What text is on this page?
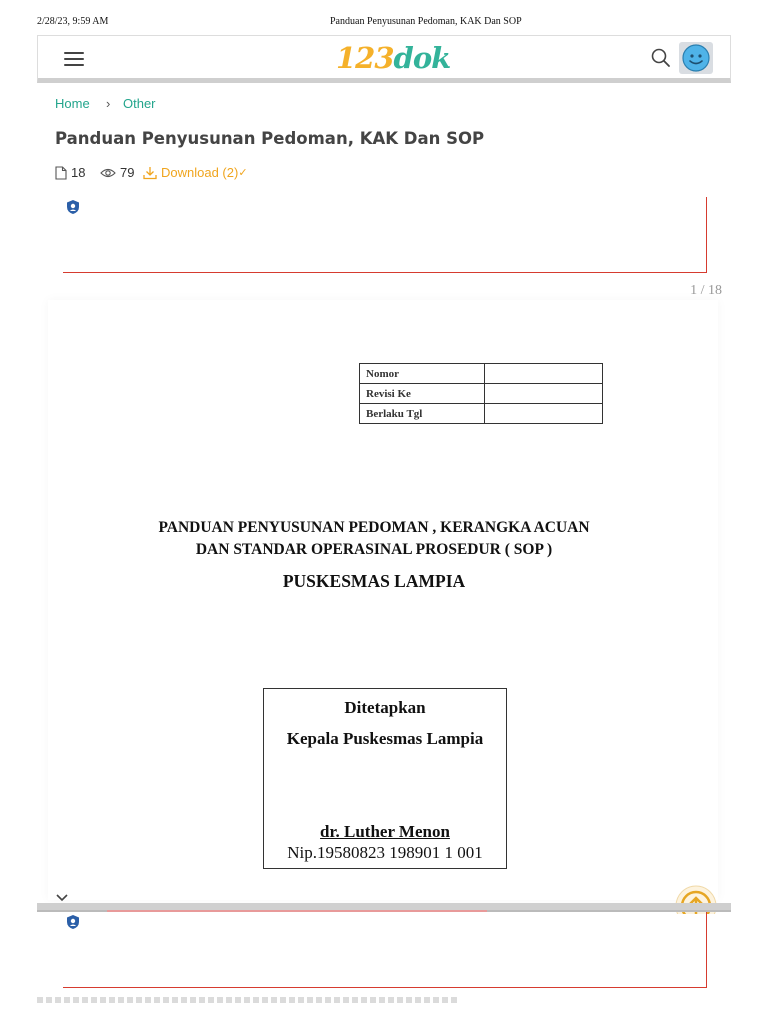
2/28/23, 9:59 AM	Panduan Penyusunan Pedoman, KAK Dan SOP
123dok
Home › Other
Panduan Penyusunan Pedoman, KAK Dan SOP
18	79 Download (2) ✓
1 / 18
Nomor	
Revisi Ke	
Berlaku Tgl	
PANDUAN PENYUSUNAN PEDOMAN , KERANGKA ACUAN
DAN STANDAR OPERASINAL PROSEDUR ( SOP )
PUSKESMAS LAMPIA
Ditetapkan
Kepala Puskesmas Lampia
dr. Luther Menon
Nip.19580823 198901 1 001
